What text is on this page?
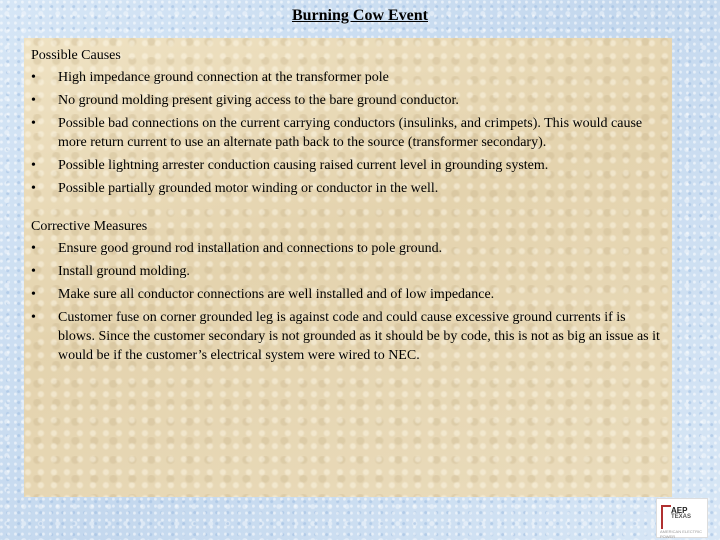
Burning Cow Event
Possible Causes
• High impedance ground connection at the transformer pole
• No ground molding present giving access to the bare ground conductor.
• Possible bad connections on the current carrying conductors (insulinks, and crimpets). This would cause more return current to use an alternate path back to the source (transformer secondary).
• Possible lightning arrester conduction causing raised current level in grounding system.
• Possible partially grounded motor winding or conductor in the well.
Corrective Measures
• Ensure good ground rod installation and connections to pole ground.
• Install ground molding.
• Make sure all conductor connections are well installed and of low impedance.
• Customer fuse on corner grounded leg is against code and could cause excessive ground currents if is blows. Since the customer secondary is not grounded as it should be by code, this is not as big an issue as it would be if the customer’s electrical system were wired to NEC.
AEP
TEXAS
AMERICAN ELECTRIC POWER
